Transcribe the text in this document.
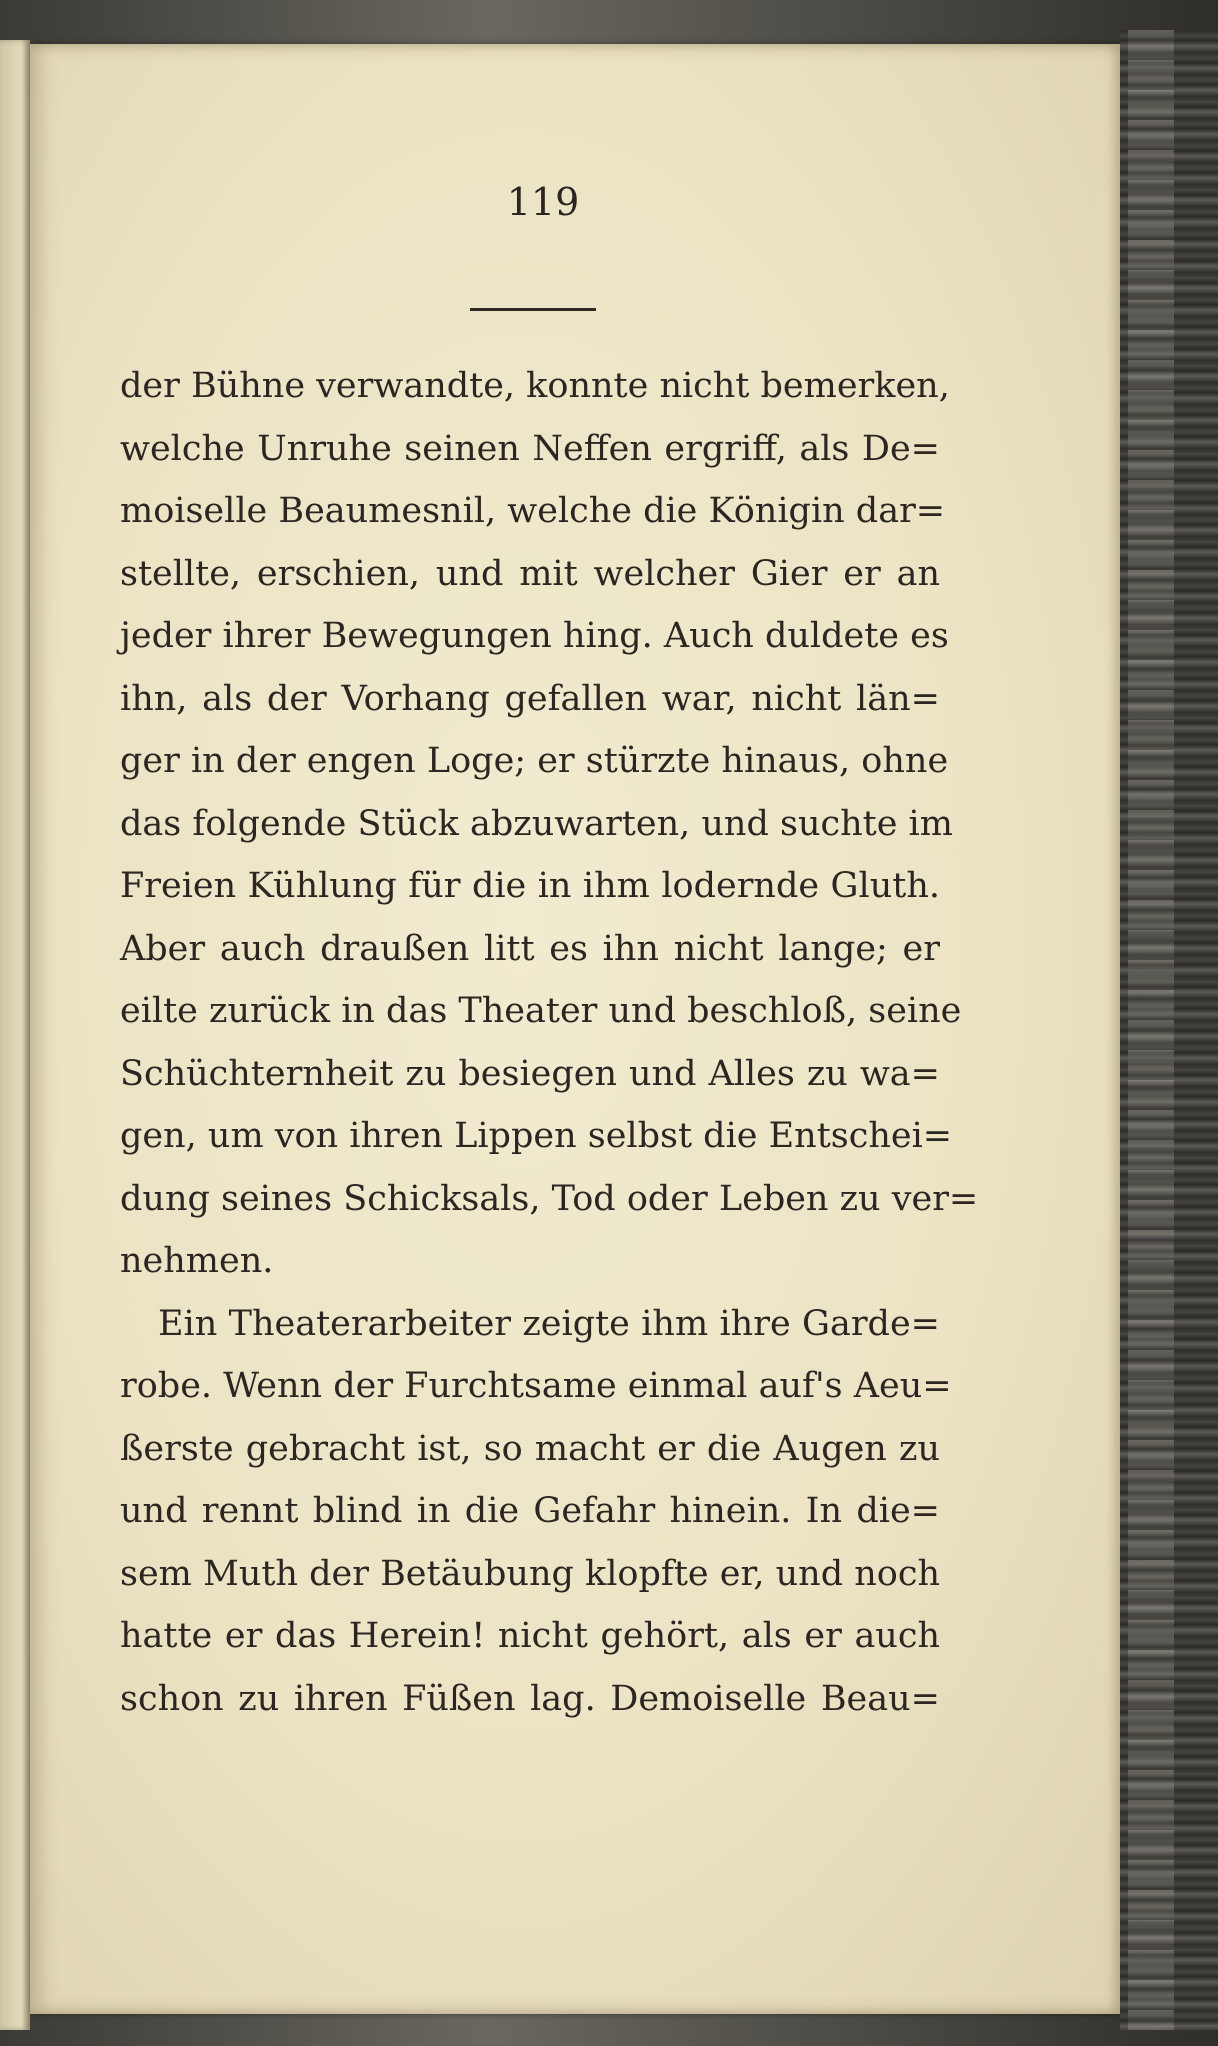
119
der Bühne verwandte, konnte nicht bemerken,
welche Unruhe seinen Neffen ergriff, als De=
moiselle Beaumesnil, welche die Königin dar=
stellte, erschien, und mit welcher Gier er an
jeder ihrer Bewegungen hing. Auch duldete es
ihn, als der Vorhang gefallen war, nicht län=
ger in der engen Loge; er stürzte hinaus, ohne
das folgende Stück abzuwarten, und suchte im
Freien Kühlung für die in ihm lodernde Gluth.
Aber auch draußen litt es ihn nicht lange; er
eilte zurück in das Theater und beschloß, seine
Schüchternheit zu besiegen und Alles zu wa=
gen, um von ihren Lippen selbst die Entschei=
dung seines Schicksals, Tod oder Leben zu ver=
nehmen.
Ein Theaterarbeiter zeigte ihm ihre Garde=
robe. Wenn der Furchtsame einmal auf's Aeu=
ßerste gebracht ist, so macht er die Augen zu
und rennt blind in die Gefahr hinein. In die=
sem Muth der Betäubung klopfte er, und noch
hatte er das Herein! nicht gehört, als er auch
schon zu ihren Füßen lag. Demoiselle Beau=
